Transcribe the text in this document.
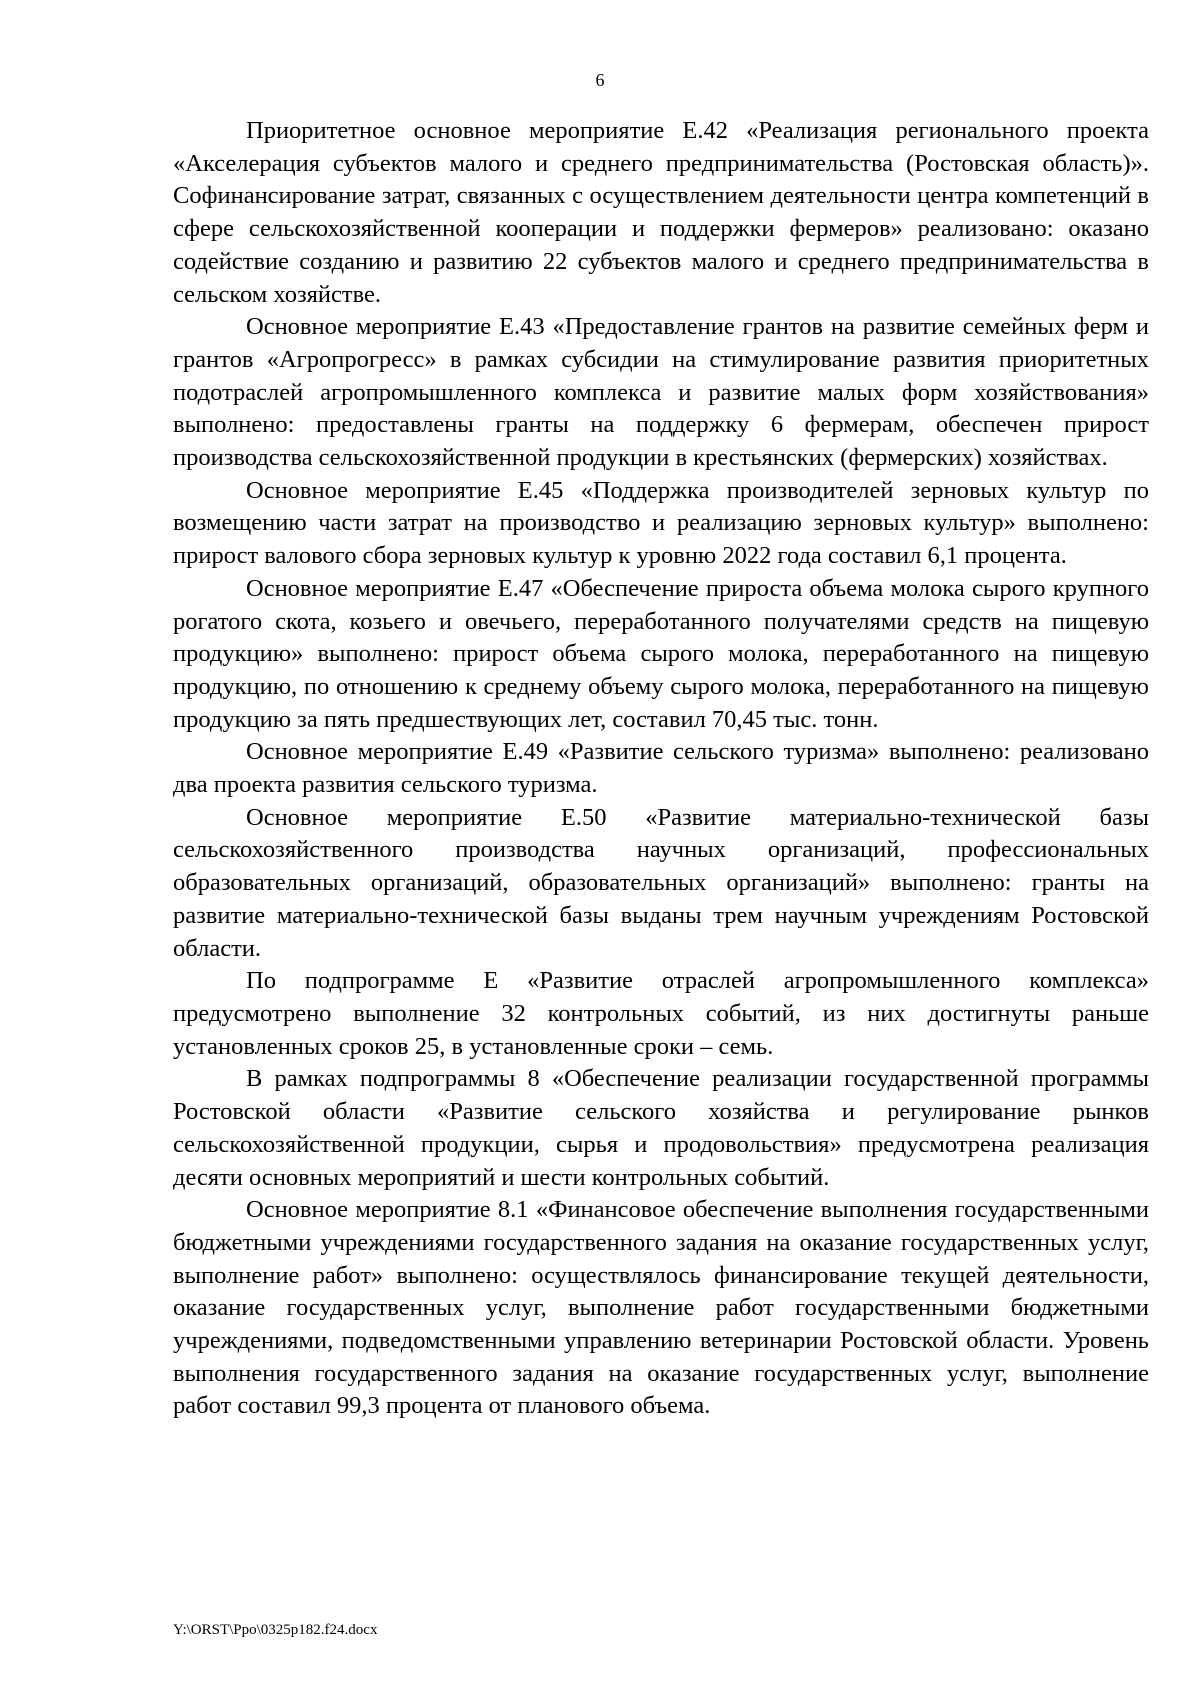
6

Приоритетное основное мероприятие Е.42 «Реализация регионального проекта «Акселерация субъектов малого и среднего предпринимательства (Ростовская область)». Софинансирование затрат, связанных с осуществлением деятельности центра компетенций в сфере сельскохозяйственной кооперации и поддержки фермеров» реализовано: оказано содействие созданию и развитию 22 субъектов малого и среднего предпринимательства в сельском хозяйстве.

Основное мероприятие Е.43 «Предоставление грантов на развитие семейных ферм и грантов «Агропрогресс» в рамках субсидии на стимулирование развития приоритетных подотраслей агропромышленного комплекса и развитие малых форм хозяйствования» выполнено: предоставлены гранты на поддержку 6 фермерам, обеспечен прирост производства сельскохозяйственной продукции в крестьянских (фермерских) хозяйствах.

Основное мероприятие Е.45 «Поддержка производителей зерновых культур по возмещению части затрат на производство и реализацию зерновых культур» выполнено: прирост валового сбора зерновых культур к уровню 2022 года составил 6,1 процента.

Основное мероприятие Е.47 «Обеспечение прироста объема молока сырого крупного рогатого скота, козьего и овечьего, переработанного получателями средств на пищевую продукцию» выполнено: прирост объема сырого молока, переработанного на пищевую продукцию, по отношению к среднему объему сырого молока, переработанного на пищевую продукцию за пять предшествующих лет, составил 70,45 тыс. тонн.

Основное мероприятие Е.49 «Развитие сельского туризма» выполнено: реализовано два проекта развития сельского туризма.

Основное мероприятие Е.50 «Развитие материально-технической базы сельскохозяйственного производства научных организаций, профессиональных образовательных организаций, образовательных организаций» выполнено: гранты на развитие материально-технической базы выданы трем научным учреждениям Ростовской области.

По подпрограмме Е «Развитие отраслей агропромышленного комплекса» предусмотрено выполнение 32 контрольных событий, из них достигнуты раньше установленных сроков 25, в установленные сроки – семь.

В рамках подпрограммы 8 «Обеспечение реализации государственной программы Ростовской области «Развитие сельского хозяйства и регулирование рынков сельскохозяйственной продукции, сырья и продовольствия» предусмотрена реализация десяти основных мероприятий и шести контрольных событий.

Основное мероприятие 8.1 «Финансовое обеспечение выполнения государственными бюджетными учреждениями государственного задания на оказание государственных услуг, выполнение работ» выполнено: осуществлялось финансирование текущей деятельности, оказание государственных услуг, выполнение работ государственными бюджетными учреждениями, подведомственными управлению ветеринарии Ростовской области. Уровень выполнения государственного задания на оказание государственных услуг, выполнение работ составил 99,3 процента от планового объема.

Y:\ORST\Ppo\0325p182.f24.docx
